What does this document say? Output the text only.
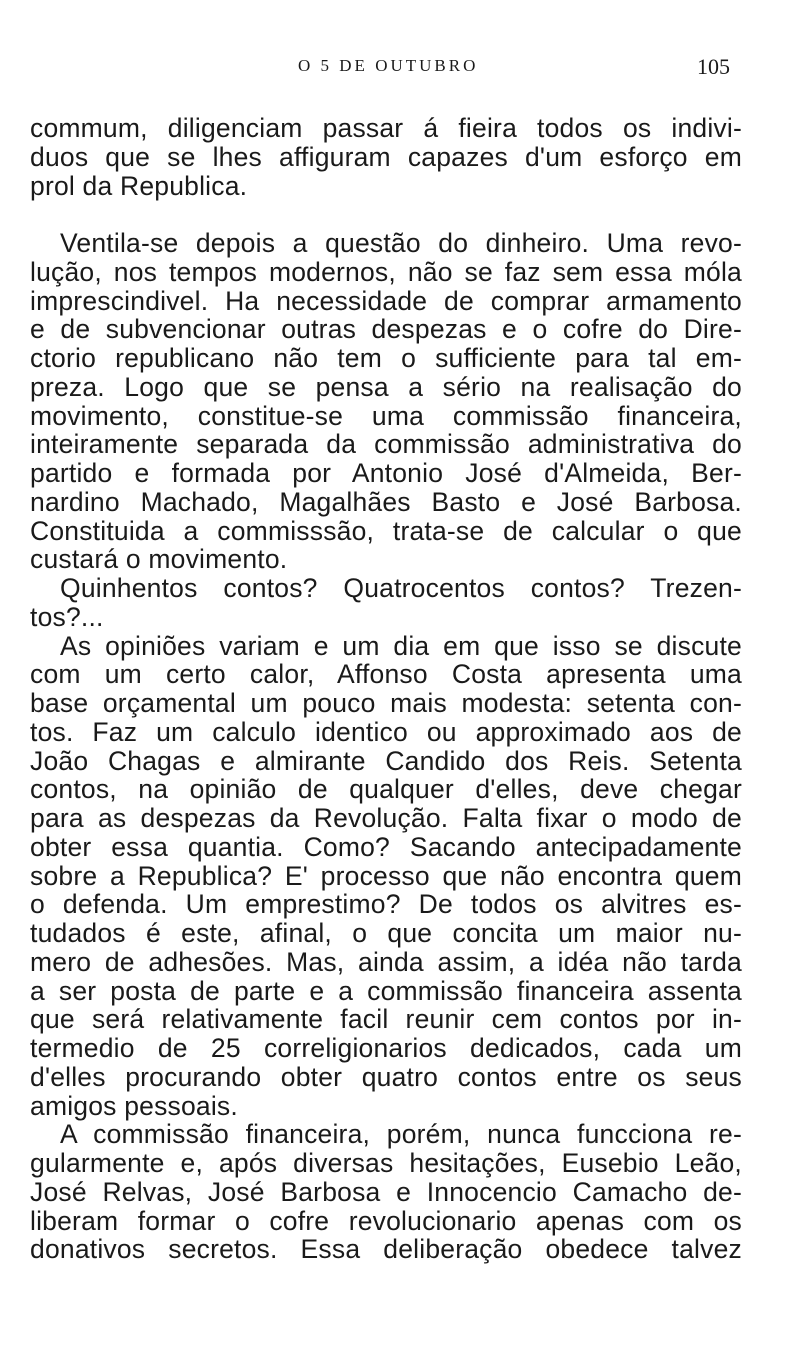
O 5 DE OUTUBRO	105
commum, diligenciam passar á fieira todos os indivi-
duos que se lhes affiguram capazes d'um esforço em
prol da Republica.
Ventila-se depois a questão do dinheiro. Uma revo-
lução, nos tempos modernos, não se faz sem essa móla
imprescindivel. Ha necessidade de comprar armamento
e de subvencionar outras despezas e o cofre do Dire-
ctorio republicano não tem o sufficiente para tal em-
preza. Logo que se pensa a sério na realisação do
movimento, constitue-se uma commissão financeira,
inteiramente separada da commissão administrativa do
partido e formada por Antonio José d'Almeida, Ber-
nardino Machado, Magalhães Basto e José Barbosa.
Constituida a commisssão, trata-se de calcular o que
custará o movimento.
Quinhentos contos? Quatrocentos contos? Trezen-
tos?...
As opiniões variam e um dia em que isso se discute
com um certo calor, Affonso Costa apresenta uma
base orçamental um pouco mais modesta: setenta con-
tos. Faz um calculo identico ou approximado aos de
João Chagas e almirante Candido dos Reis. Setenta
contos, na opinião de qualquer d'elles, deve chegar
para as despezas da Revolução. Falta fixar o modo de
obter essa quantia. Como? Sacando antecipadamente
sobre a Republica? E' processo que não encontra quem
o defenda. Um emprestimo? De todos os alvitres es-
tudados é este, afinal, o que concita um maior nu-
mero de adhesões. Mas, ainda assim, a idéa não tarda
a ser posta de parte e a commissão financeira assenta
que será relativamente facil reunir cem contos por in-
termedio de 25 correligionarios dedicados, cada um
d'elles procurando obter quatro contos entre os seus
amigos pessoais.
A commissão financeira, porém, nunca funcciona re-
gularmente e, após diversas hesitações, Eusebio Leão,
José Relvas, José Barbosa e Innocencio Camacho de-
liberam formar o cofre revolucionario apenas com os
donativos secretos. Essa deliberação obedece talvez
